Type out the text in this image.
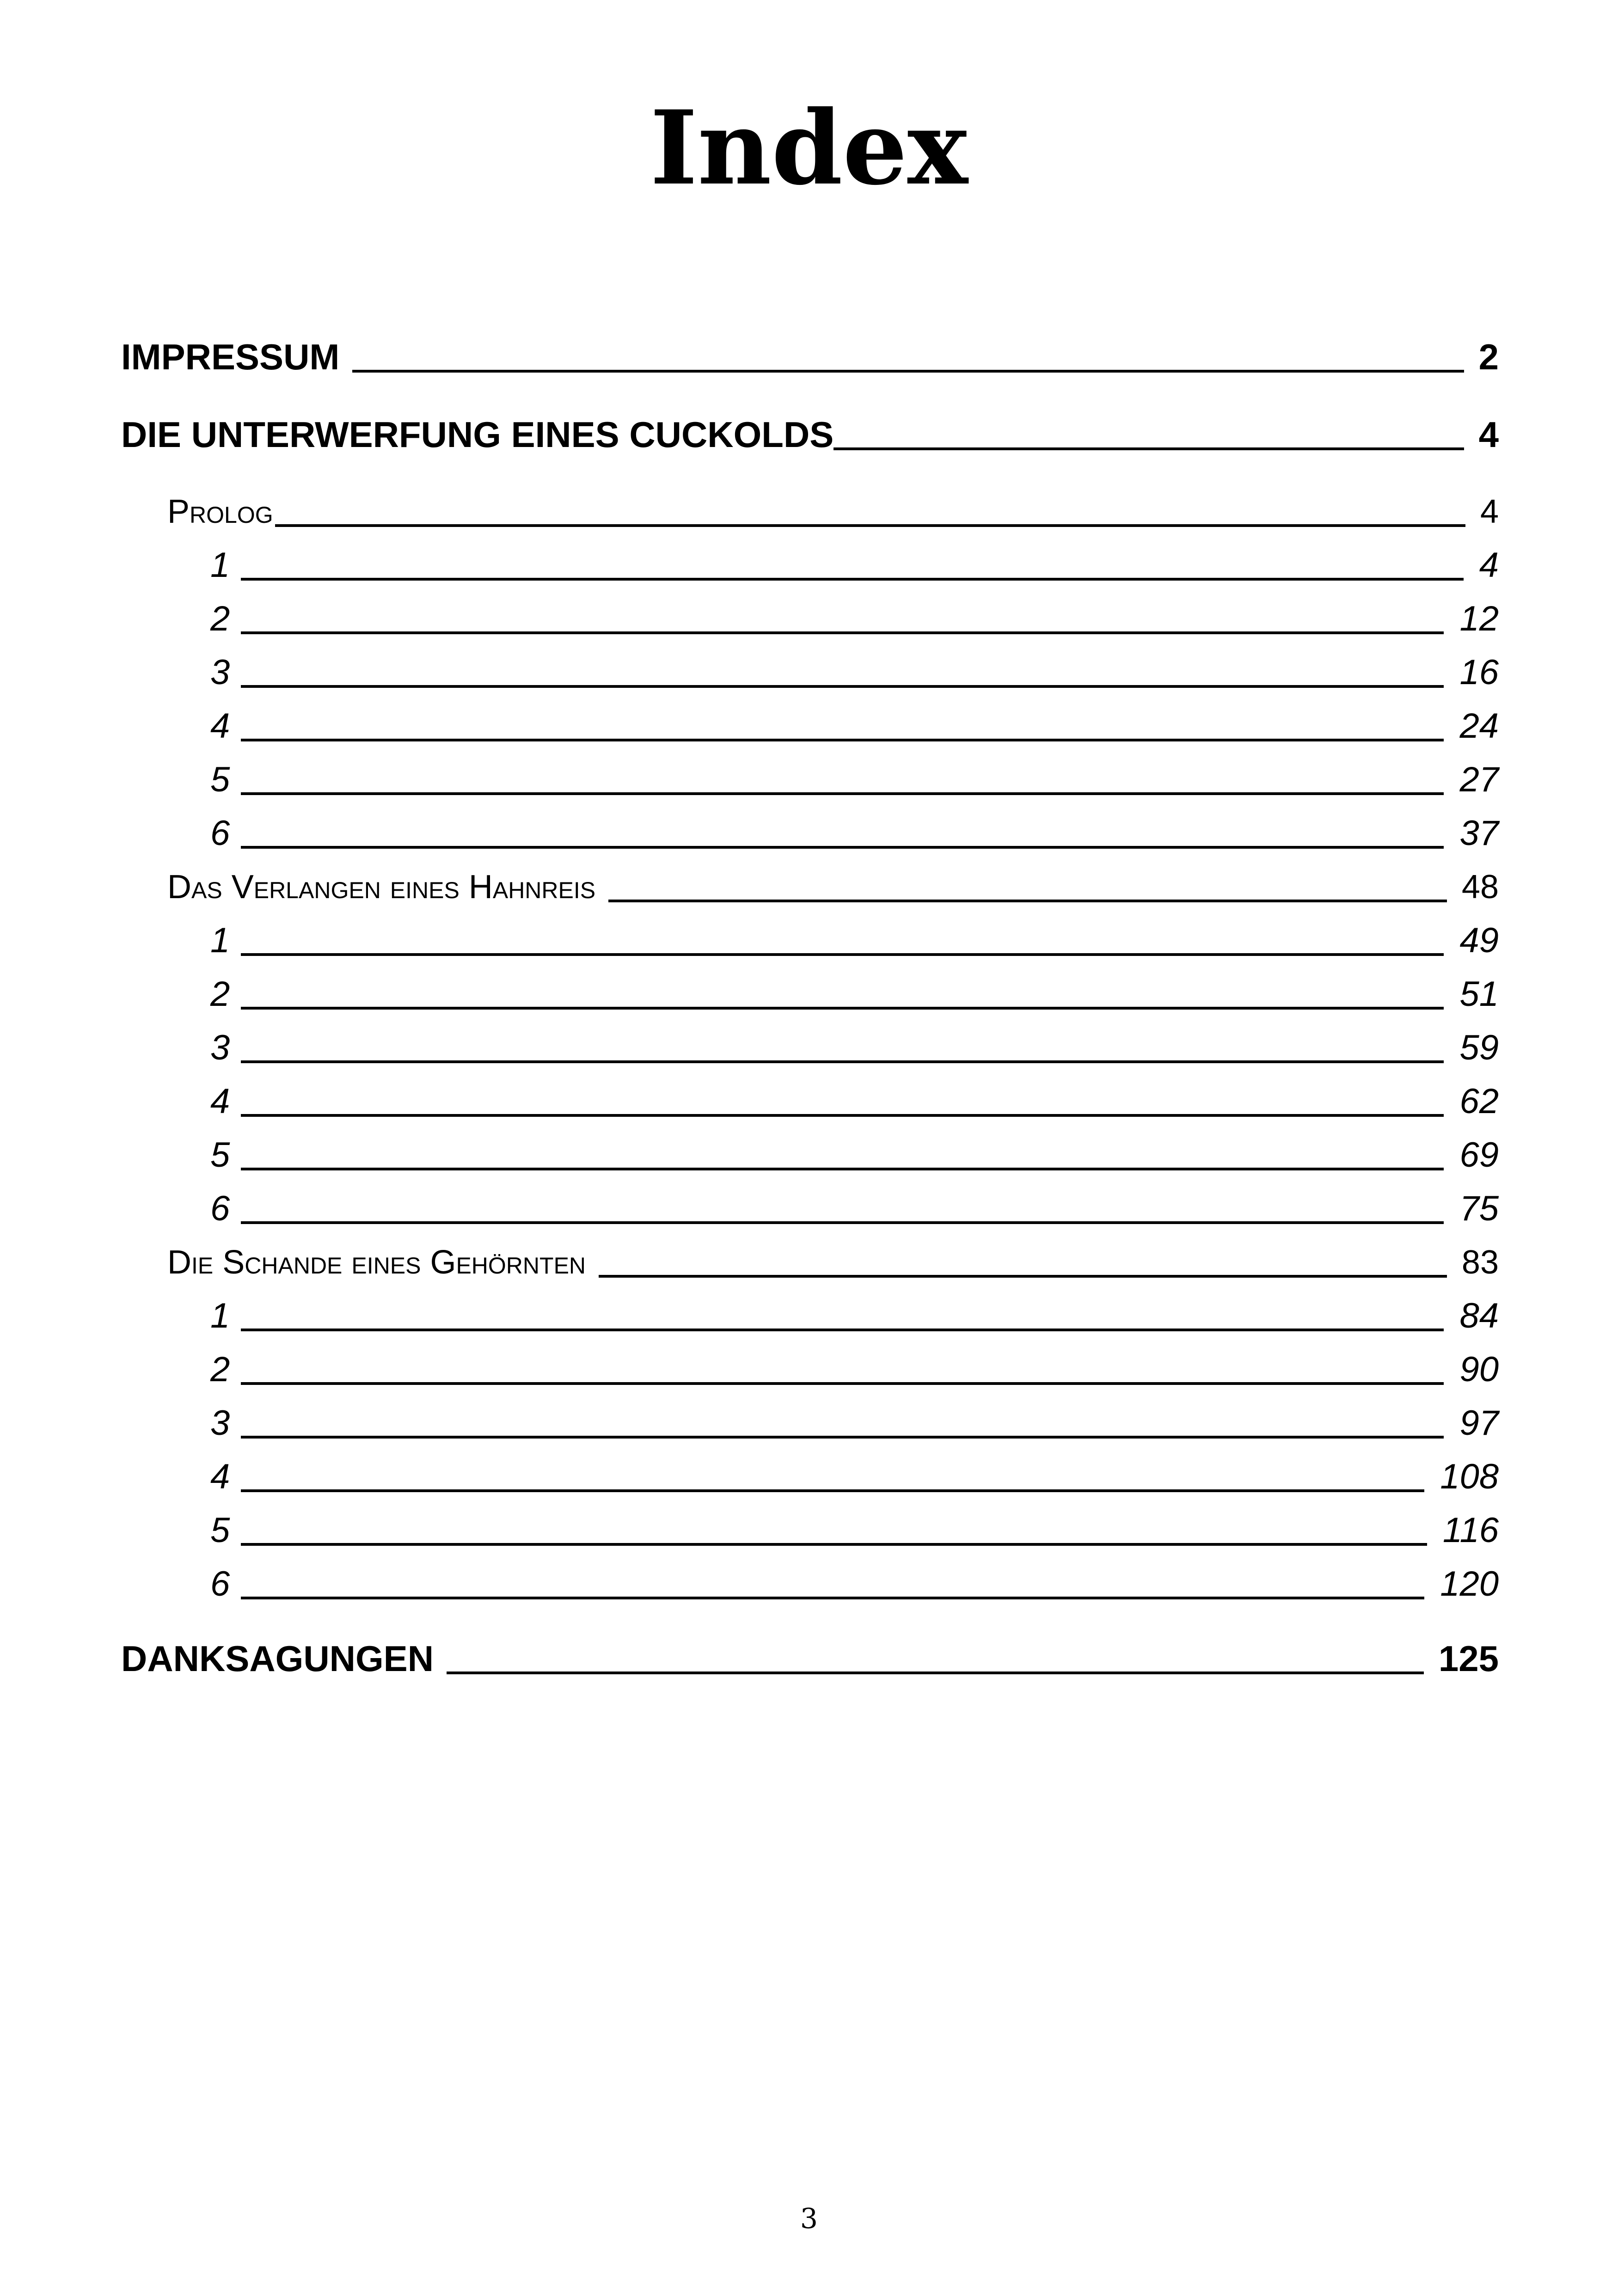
Index
IMPRESSUM	2
DIE UNTERWERFUNG EINES CUCKOLDS	4
Prolog	4
1	4
2	12
3	16
4	24
5	27
6	37
Das Verlangen eines Hahnreis	48
1	49
2	51
3	59
4	62
5	69
6	75
Die Schande eines Gehörnten	83
1	84
2	90
3	97
4	108
5	116
6	120
DANKSAGUNGEN	125
3
